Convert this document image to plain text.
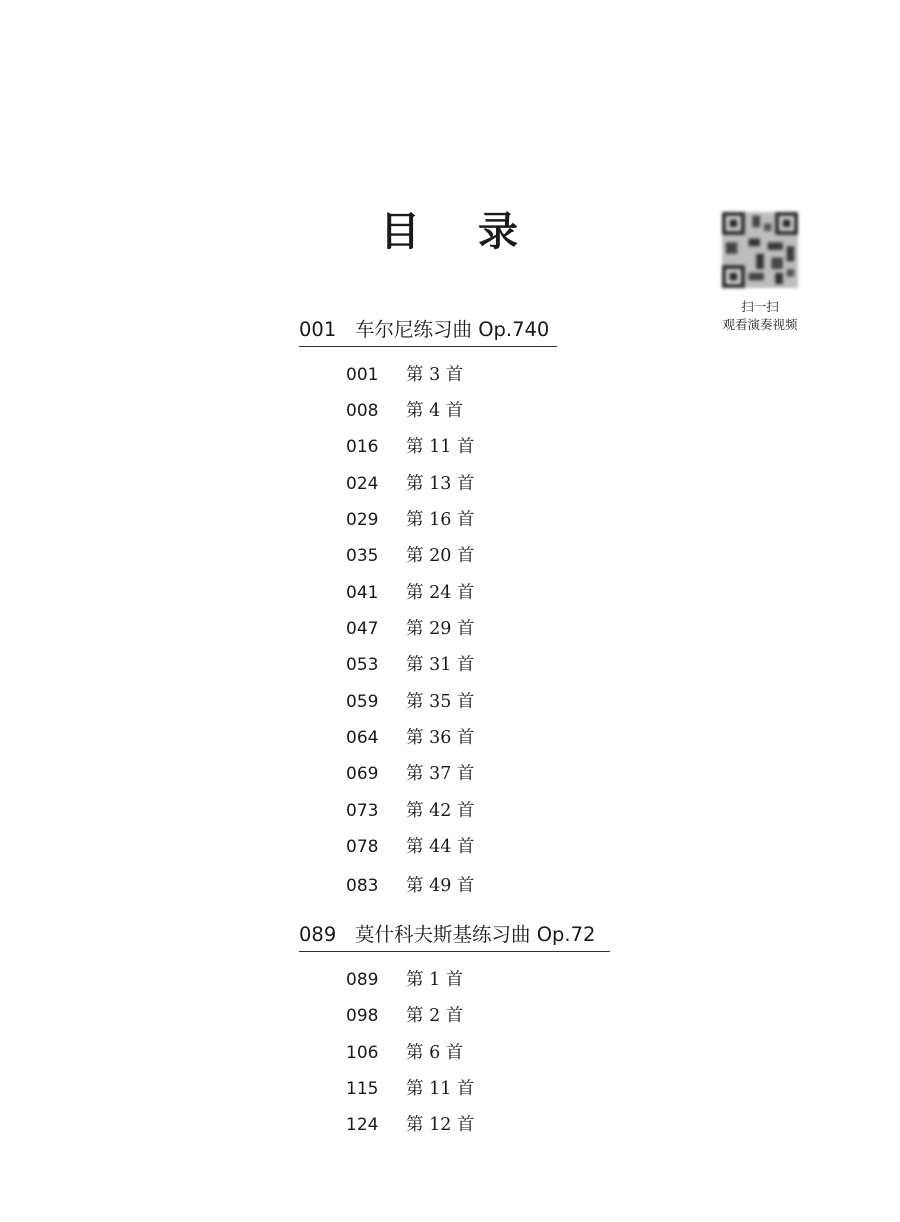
目 录
扫一扫
观看演奏视频
001 车尔尼练习曲 Op.740
001 第 3 首
008 第 4 首
016 第 11 首
024 第 13 首
029 第 16 首
035 第 20 首
041 第 24 首
047 第 29 首
053 第 31 首
059 第 35 首
064 第 36 首
069 第 37 首
073 第 42 首
078 第 44 首
083 第 49 首
089 莫什科夫斯基练习曲 Op.72
089 第 1 首
098 第 2 首
106 第 6 首
115 第 11 首
124 第 12 首
